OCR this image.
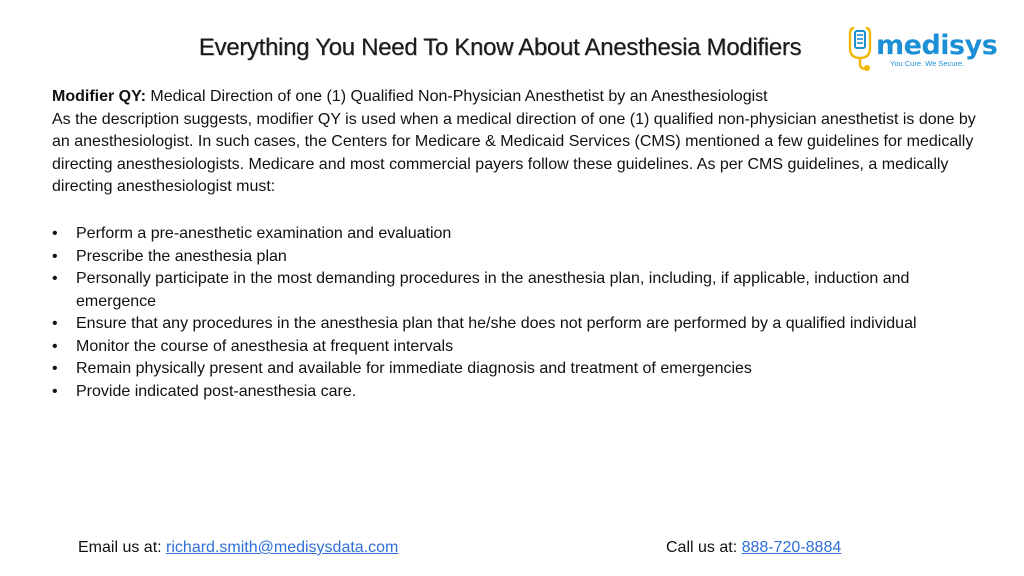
Everything You Need To Know About Anesthesia Modifiers	medisys
You Cure. We Secure.
Modifier QY: Medical Direction of one (1) Qualified Non-Physician Anesthetist by an Anesthesiologist
As the description suggests, modifier QY is used when a medical direction of one (1) qualified non-physician anesthetist is done by an anesthesiologist. In such cases, the Centers for Medicare & Medicaid Services (CMS) mentioned a few guidelines for medically directing anesthesiologists. Medicare and most commercial payers follow these guidelines. As per CMS guidelines, a medically directing anesthesiologist must:
• Perform a pre-anesthetic examination and evaluation
• Prescribe the anesthesia plan
• Personally participate in the most demanding procedures in the anesthesia plan, including, if applicable, induction and emergence
• Ensure that any procedures in the anesthesia plan that he/she does not perform are performed by a qualified individual
• Monitor the course of anesthesia at frequent intervals
• Remain physically present and available for immediate diagnosis and treatment of emergencies
• Provide indicated post-anesthesia care.
Email us at: richard.smith@medisysdata.com	Call us at: 888-720-8884
